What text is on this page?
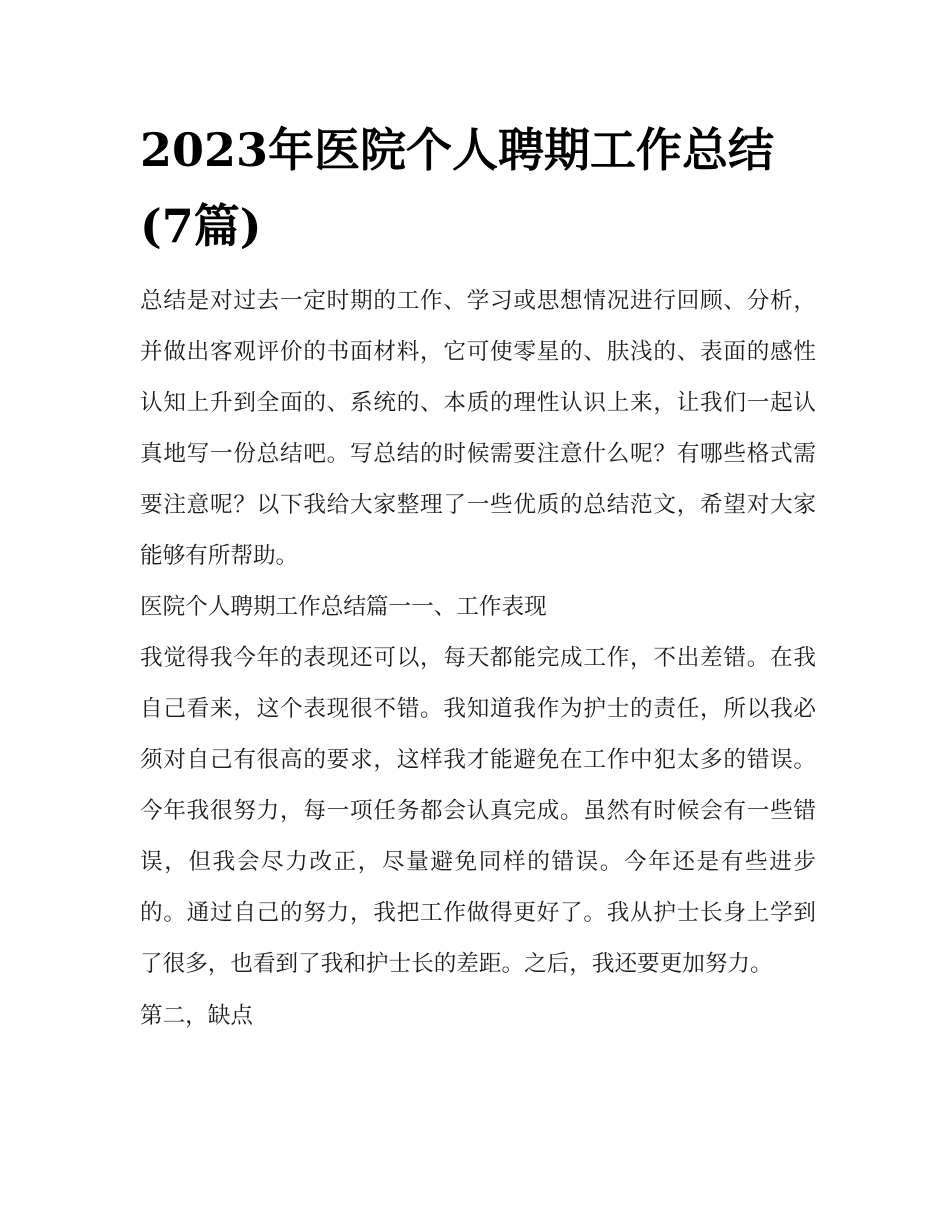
2023年医院个人聘期工作总结(7篇)

总结是对过去一定时期的工作、学习或思想情况进行回顾、分析，并做出客观评价的书面材料，它可使零星的、肤浅的、表面的感性认知上升到全面的、系统的、本质的理性认识上来，让我们一起认真地写一份总结吧。写总结的时候需要注意什么呢？有哪些格式需要注意呢？以下我给大家整理了一些优质的总结范文，希望对大家能够有所帮助。

医院个人聘期工作总结篇一一、工作表现

我觉得我今年的表现还可以，每天都能完成工作，不出差错。在我自己看来，这个表现很不错。我知道我作为护士的责任，所以我必须对自己有很高的要求，这样我才能避免在工作中犯太多的错误。今年我很努力，每一项任务都会认真完成。虽然有时候会有一些错误，但我会尽力改正，尽量避免同样的错误。今年还是有些进步的。通过自己的努力，我把工作做得更好了。我从护士长身上学到了很多，也看到了我和护士长的差距。之后，我还要更加努力。

第二，缺点
